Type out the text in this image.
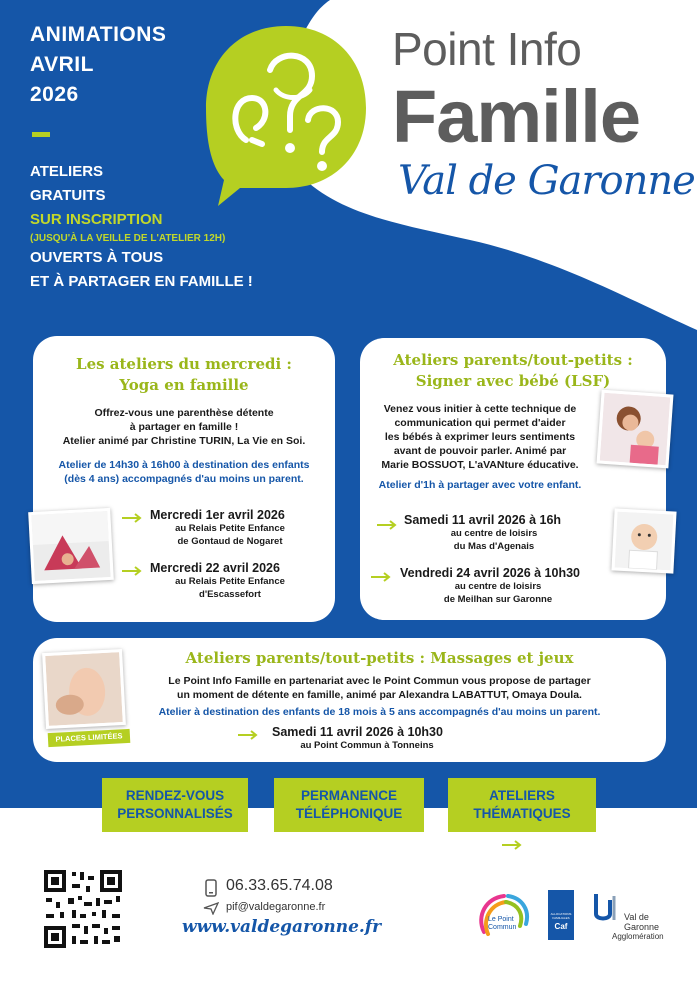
ANIMATIONS
AVRIL
2026
ATELIERS
GRATUITS
SUR INSCRIPTION
(JUSQU'À LA VEILLE DE L'ATELIER 12H)
OUVERTS À TOUS
ET À PARTAGER EN FAMILLE !
Point Info
Famille
Val de Garonne
Les ateliers du mercredi :
Yoga en famille
Offrez-vous une parenthèse détente
à partager en famille !
Atelier animé par Christine TURIN, La Vie en Soi.
Atelier de 14h30 à 16h00 à destination des enfants
(dès 4 ans) accompagnés d'au moins un parent.
Mercredi 1er avril 2026
au Relais Petite Enfance
de Gontaud de Nogaret
Mercredi 22 avril 2026
au Relais Petite Enfance
d'Escassefort
Ateliers parents/tout-petits :
Signer avec bébé (LSF)
Venez vous initier à cette technique de
communication qui permet d'aider
les bébés à exprimer leurs sentiments
avant de pouvoir parler. Animé par
Marie BOSSUOT, L'aVANture éducative.
Atelier d'1h à partager avec votre enfant.
Samedi 11 avril 2026 à 16h
au centre de loisirs
du Mas d'Agenais
Vendredi 24 avril 2026 à 10h30
au centre de loisirs
de Meilhan sur Garonne
Ateliers parents/tout-petits : Massages et jeux
Le Point Info Famille en partenariat avec le Point Commun vous propose de partager
un moment de détente en famille, animé par Alexandra LABATTUT, Omaya Doula.
Atelier à destination des enfants de 18 mois à 5 ans accompagnés d'au moins un parent.
PLACES LIMITÉES	Samedi 11 avril 2026 à 10h30
au Point Commun à Tonneins
RENDEZ-VOUS
PERSONNALISÉS
PERMANENCE
TÉLÉPHONIQUE
ATELIERS
THÉMATIQUES
06.33.65.74.08
pif@valdegaronne.fr
www.valdegaronne.fr	Le Point
Commun
ALLOCATIONS FAMILIALES
Caf
Val de
Garonne
Agglomération
